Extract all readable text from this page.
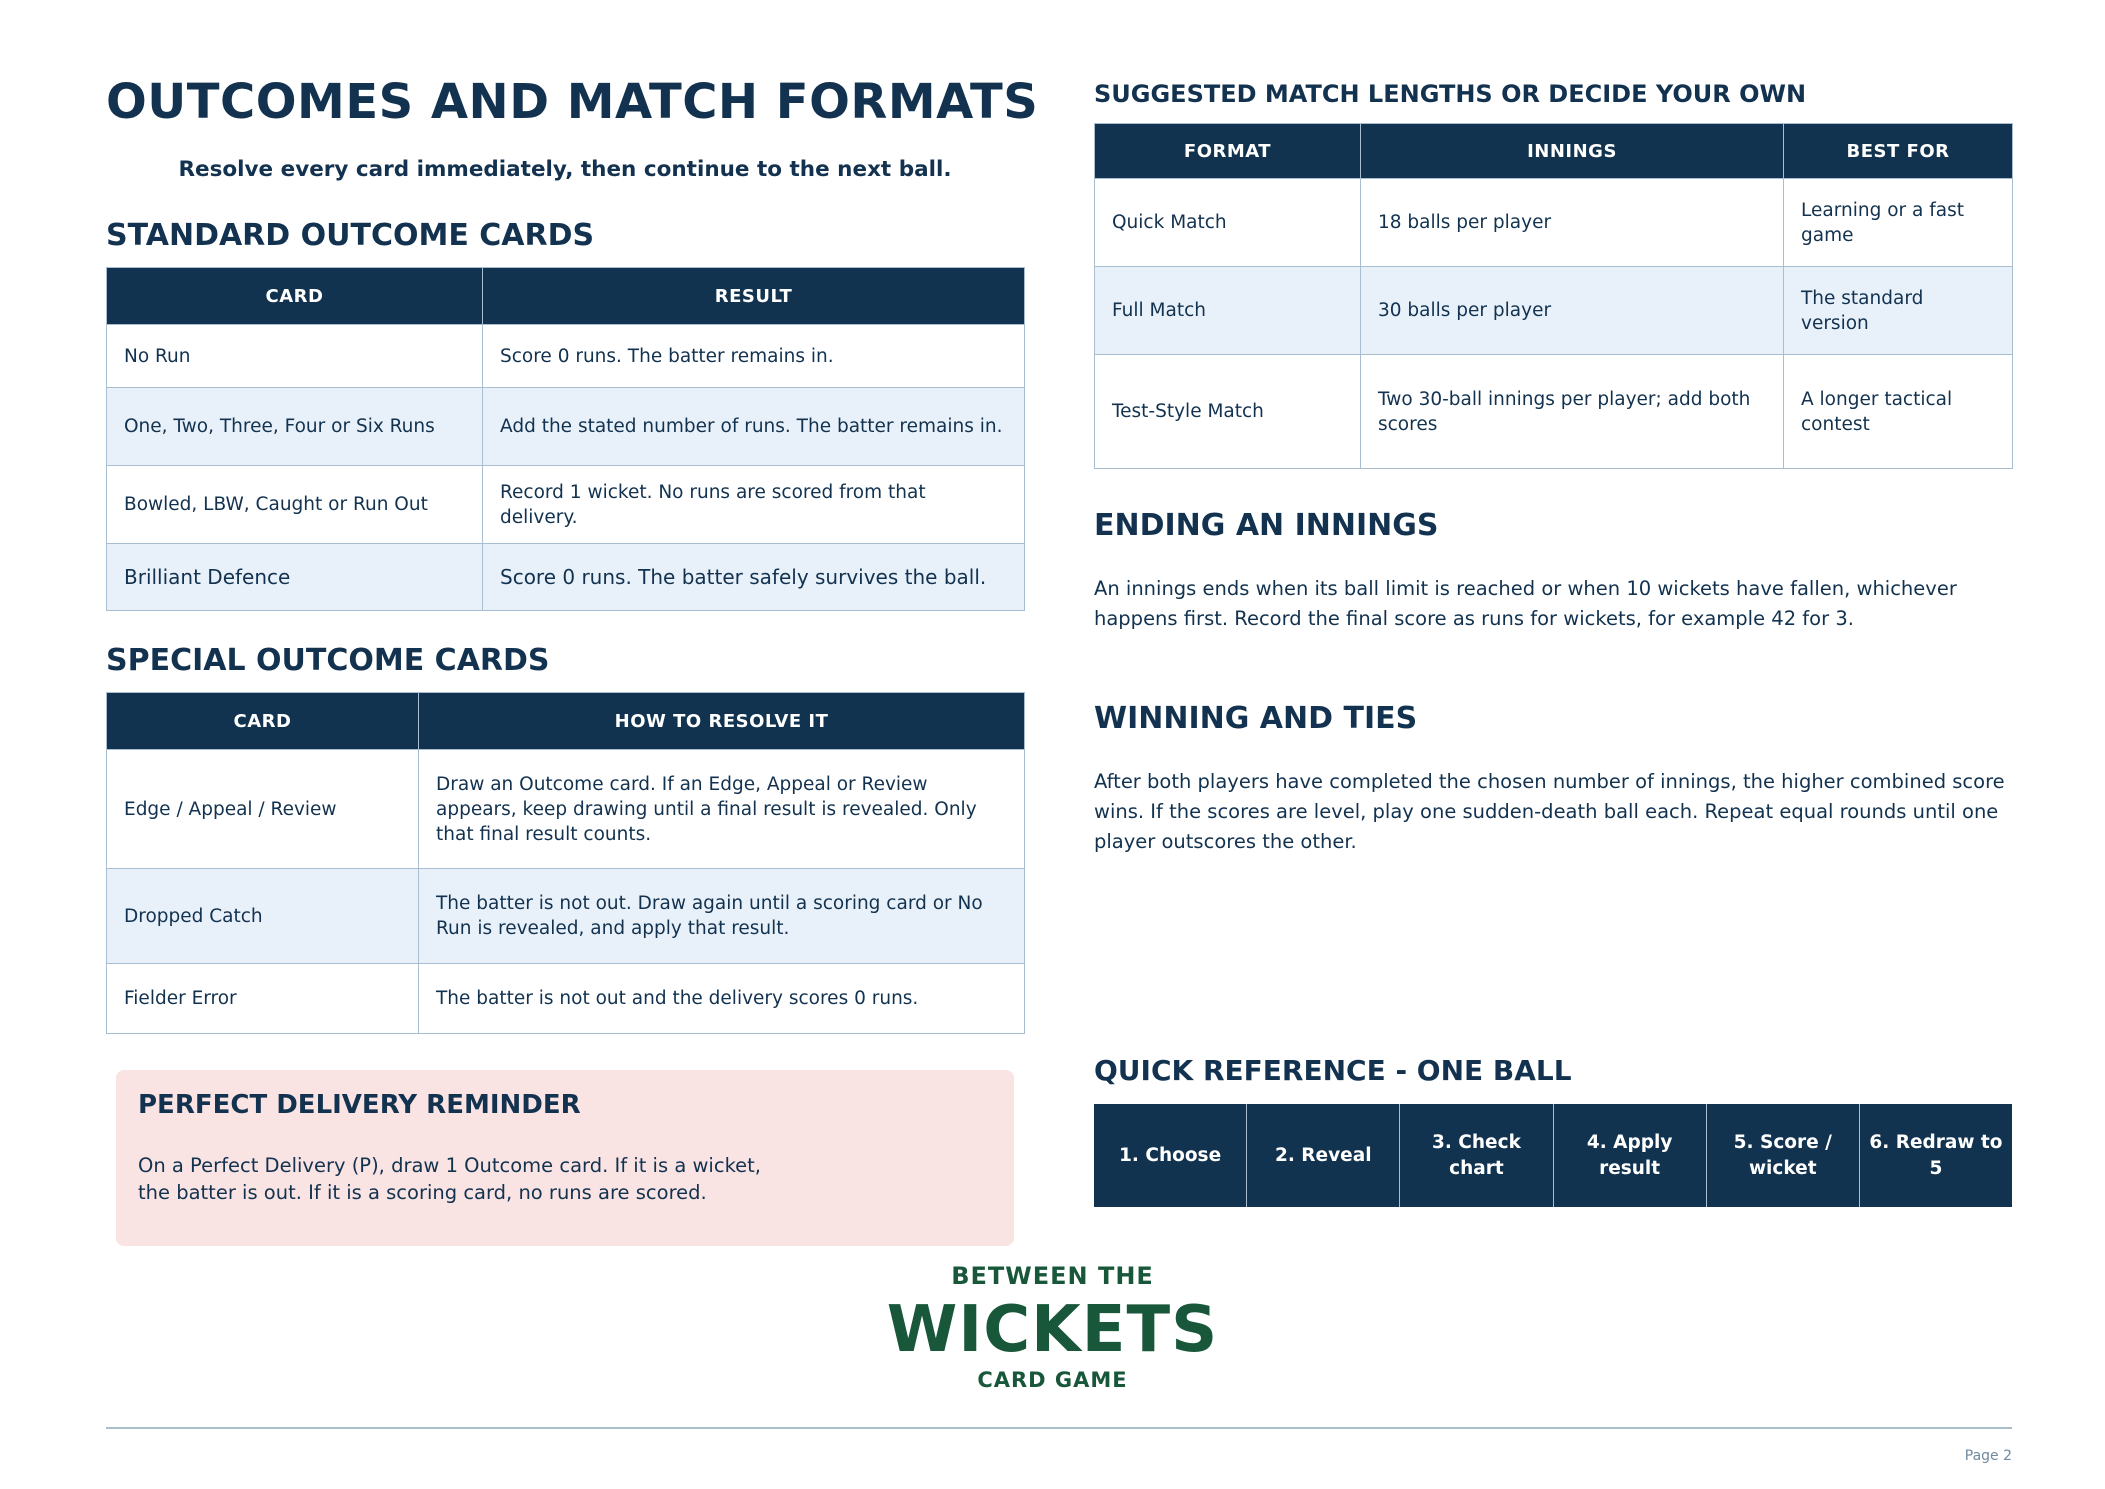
OUTCOMES AND MATCH FORMATS
Resolve every card immediately, then continue to the next ball.
STANDARD OUTCOME CARDS
CARD	RESULT
No Run	Score 0 runs. The batter remains in.
One, Two, Three, Four or Six Runs	Add the stated number of runs. The batter remains in.
Bowled, LBW, Caught or Run Out	Record 1 wicket. No runs are scored from that delivery.
Brilliant Defence	Score 0 runs. The batter safely survives the ball.
SPECIAL OUTCOME CARDS
CARD	HOW TO RESOLVE IT
Edge / Appeal / Review	Draw an Outcome card. If an Edge, Appeal or Review appears, keep drawing until a final result is revealed. Only that final result counts.
Dropped Catch	The batter is not out. Draw again until a scoring card or No Run is revealed, and apply that result.
Fielder Error	The batter is not out and the delivery scores 0 runs.
PERFECT DELIVERY REMINDER

On a Perfect Delivery (P), draw 1 Outcome card. If it is a wicket, the batter is out. If it is a scoring card, no runs are scored.

SUGGESTED MATCH LENGTHS OR DECIDE YOUR OWN
FORMAT	INNINGS	BEST FOR
Quick Match	18 balls per player	Learning or a fast game
Full Match	30 balls per player	The standard version
Test-Style Match	Two 30-ball innings per player; add both scores	A longer tactical contest
ENDING AN INNINGS

An innings ends when its ball limit is reached or when 10 wickets have fallen, whichever happens first. Record the final score as runs for wickets, for example 42 for 3.

WINNING AND TIES

After both players have completed the chosen number of innings, the higher combined score wins. If the scores are level, play one sudden-death ball each. Repeat equal rounds until one player outscores the other.

QUICK REFERENCE - ONE BALL
1. Choose	2. Reveal
3. Check chart
4. Apply result
5. Score / wicket
6. Redraw to 5
BETWEEN THE
WICKETS
CARD GAME
Page 2
